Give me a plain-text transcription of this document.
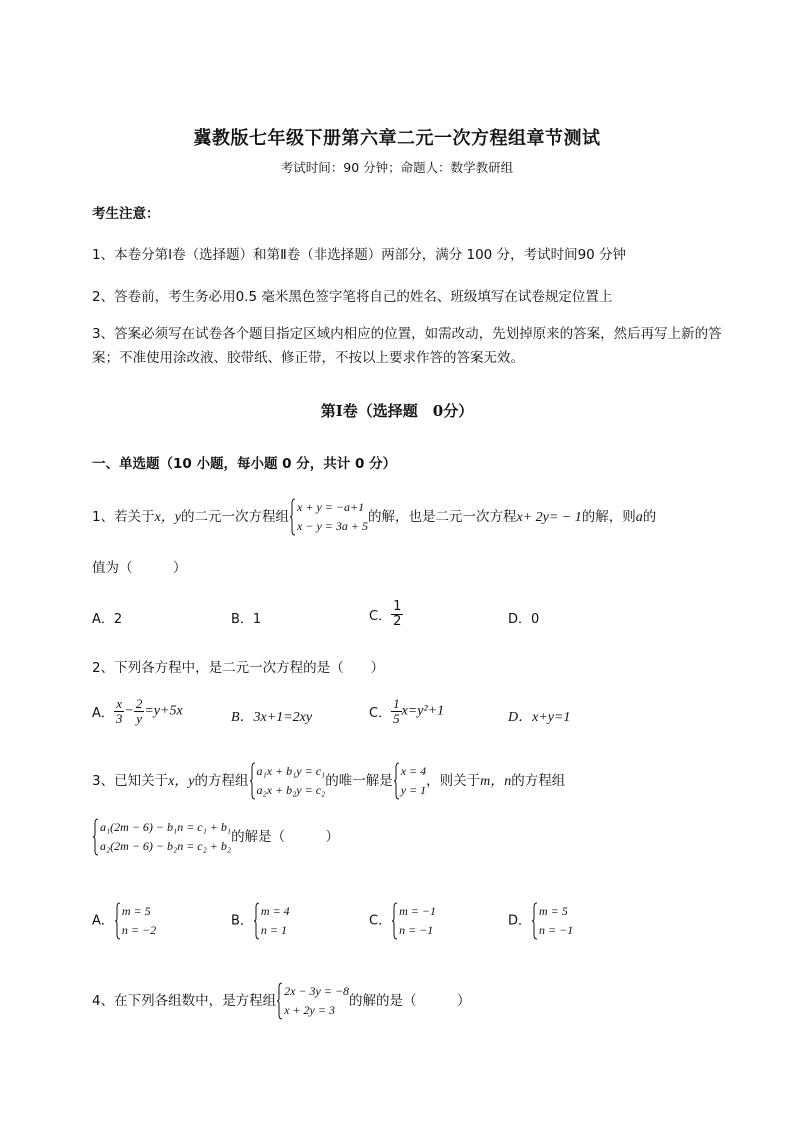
冀教版七年级下册第六章二元一次方程组章节测试
考试时间：90 分钟；命题人：数学教研组
考生注意：
1、本卷分第Ⅰ卷（选择题）和第Ⅱ卷（非选择题）两部分，满分 100 分，考试时间90 分钟
2、答卷前，考生务必用0.5 毫米黑色签字笔将自己的姓名、班级填写在试卷规定位置上
3、答案必须写在试卷各个题目指定区域内相应的位置，如需改动，先划掉原来的答案，然后再写上新的答案；不准使用涂改液、胶带纸、修正带，不按以上要求作答的答案无效。
第Ⅰ卷（选择题　0分）
一、单选题（10 小题，每小题 0 分，共计 0 分）
1、若关于x，y的二元一次方程组
x + y = −a+1
x − y = 3a + 5
的解，也是二元一次方程x+ 2y= − 1的解，则a的
值为（　　　）
A．2	B．1	C． $\frac{1}{2}$	D．0
2、下列各方程中，是二元一次方程的是（　　）
A． $\frac{x}{3} - \frac{2}{y} =y+5x$	B．3x+1=2xy	C． $\frac{1}{5} x=y^2+1$	D．x+y=1
3、已知关于x，y的方程组
a₁x + b₁y = c₁
a₂x + b₂y = c₂
的唯一解是
x = 4
y = 1
，则关于m，n的方程组
a₁(2m − 6) − b₁n = c₁ + b₁
a₂(2m − 6) − b₂n = c₂ + b₂
的解是（　　　）
A．
m = 5
n = −2
B．
m = 4
n = 1
C．
m = −1
n = −1
D．
m = 5
n = −1
4、在下列各组数中，是方程组
2x − 3y = −8
x + 2y = 3
的解的是（　　　）
